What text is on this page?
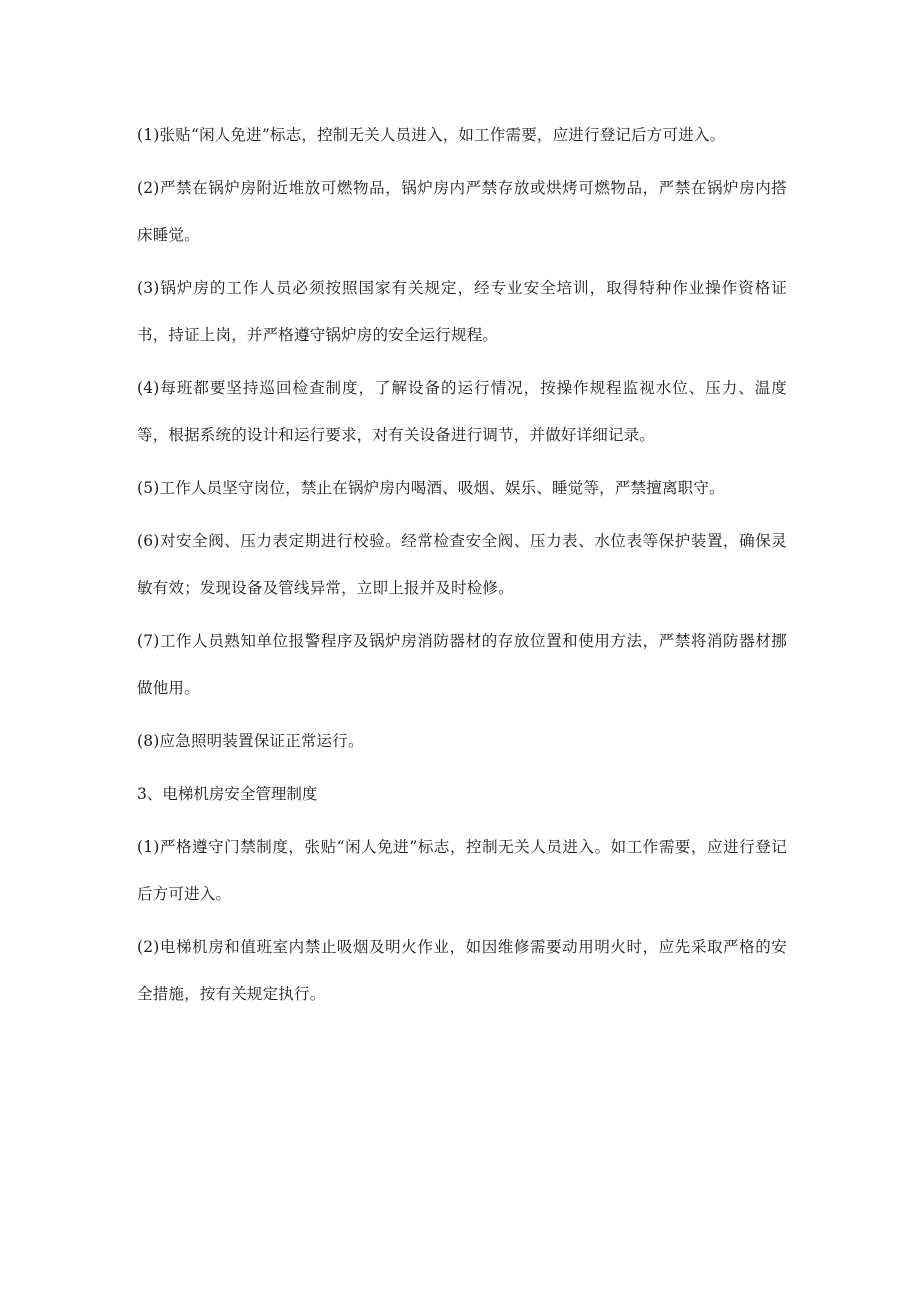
(1)张贴“闲人免进”标志，控制无关人员进入，如工作需要，应进行登记后方可进入。

(2)严禁在锅炉房附近堆放可燃物品，锅炉房内严禁存放或烘烤可燃物品，严禁在锅炉房内搭床睡觉。

(3)锅炉房的工作人员必须按照国家有关规定，经专业安全培训，取得特种作业操作资格证书，持证上岗，并严格遵守锅炉房的安全运行规程。

(4)每班都要坚持巡回检查制度，了解设备的运行情况，按操作规程监视水位、压力、温度等，根据系统的设计和运行要求，对有关设备进行调节，并做好详细记录。

(5)工作人员坚守岗位，禁止在锅炉房内喝酒、吸烟、娱乐、睡觉等，严禁擅离职守。

(6)对安全阀、压力表定期进行校验。经常检查安全阀、压力表、水位表等保护装置，确保灵敏有效；发现设备及管线异常，立即上报并及时检修。

(7)工作人员熟知单位报警程序及锅炉房消防器材的存放位置和使用方法，严禁将消防器材挪做他用。

(8)应急照明装置保证正常运行。

3、电梯机房安全管理制度

(1)严格遵守门禁制度，张贴“闲人免进”标志，控制无关人员进入。如工作需要，应进行登记后方可进入。

(2)电梯机房和值班室内禁止吸烟及明火作业，如因维修需要动用明火时，应先采取严格的安全措施，按有关规定执行。
